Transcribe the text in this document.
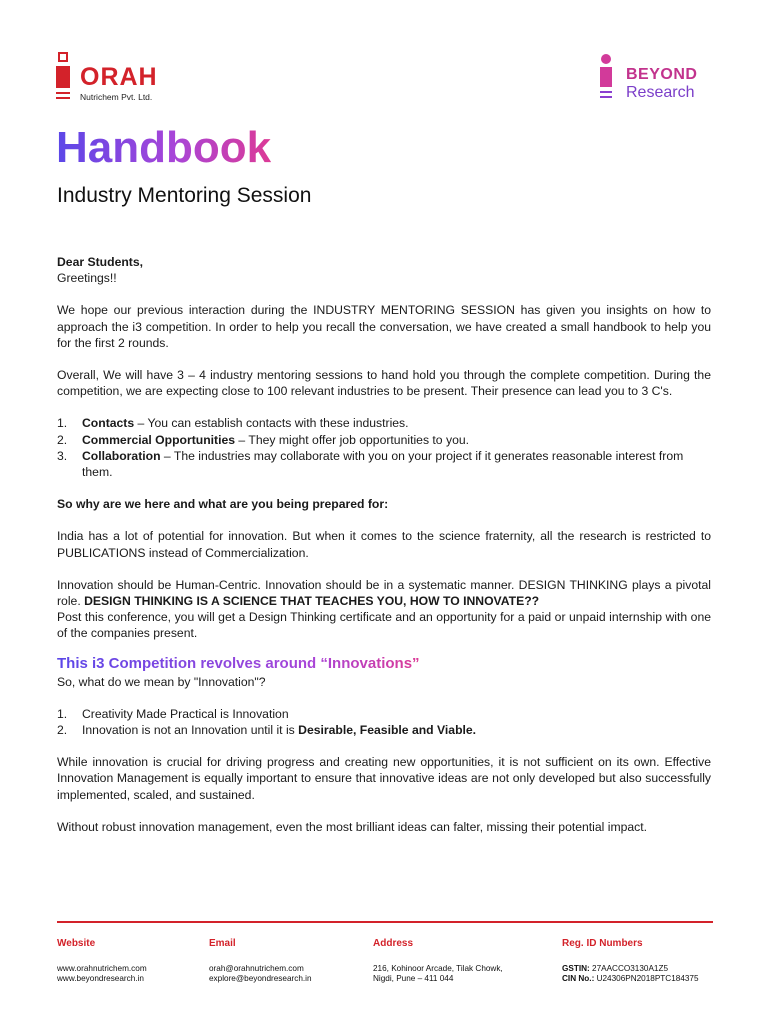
ORAH
Nutrichem Pvt. Ltd.
BEYOND
Research
Handbook
Industry Mentoring Session

Dear Students,

Greetings!!

We hope our previous interaction during the INDUSTRY MENTORING SESSION has given you insights on how to approach the i3 competition. In order to help you recall the conversation, we have created a small handbook to help you for the first 2 rounds.

Overall, We will have 3 – 4 industry mentoring sessions to hand hold you through the complete competition. During the competition, we are expecting close to 100 relevant industries to be present. Their presence can lead you to 3 C's.

1. Contacts – You can establish contacts with these industries.
2. Commercial Opportunities – They might offer job opportunities to you.
3. Collaboration – The industries may collaborate with you on your project if it generates reasonable interest from them.

So why are we here and what are you being prepared for:

India has a lot of potential for innovation. But when it comes to the science fraternity, all the research is restricted to PUBLICATIONS instead of Commercialization.

Innovation should be Human-Centric. Innovation should be in a systematic manner. DESIGN THINKING plays a pivotal role. DESIGN THINKING IS A SCIENCE THAT TEACHES YOU, HOW TO INNOVATE??

Post this conference, you will get a Design Thinking certificate and an opportunity for a paid or unpaid internship with one of the companies present.

This i3 Competition revolves around “Innovations”

So, what do we mean by "Innovation"?

1. Creativity Made Practical is Innovation
2. Innovation is not an Innovation until it is Desirable, Feasible and Viable.

While innovation is crucial for driving progress and creating new opportunities, it is not sufficient on its own. Effective Innovation Management is equally important to ensure that innovative ideas are not only developed but also successfully implemented, scaled, and sustained.

Without robust innovation management, even the most brilliant ideas can falter, missing their potential impact.

Website
www.orahnutrichem.com
www.beyondresearch.in
Email
orah@orahnutrichem.com
explore@beyondresearch.in
Address
216, Kohinoor Arcade, Tilak Chowk,
Nigdi, Pune – 411 044
Reg. ID Numbers
GSTIN: 27AACCO3130A1Z5
CIN No.: U24306PN2018PTC184375
